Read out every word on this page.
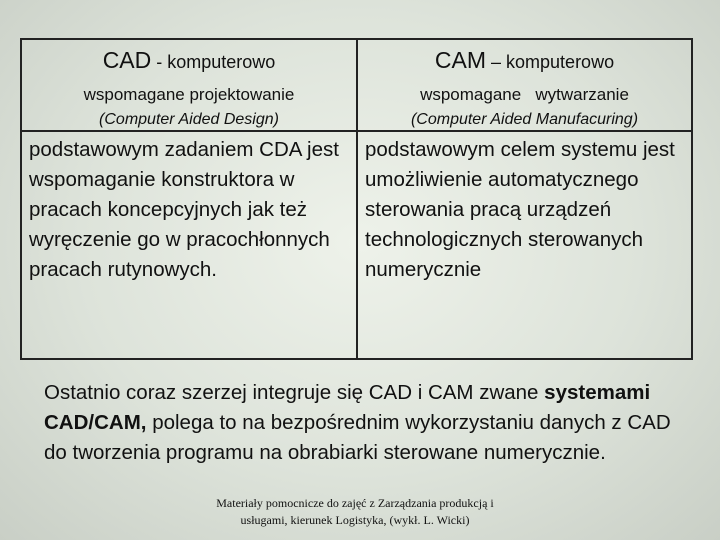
CAD - komputerowo
wspomagane projektowanie
(Computer Aided Design)
CAM – komputerowo
wspomagane   wytwarzanie
(Computer Aided Manufacuring)
podstawowym zadaniem CDA jest wspomaganie konstruktora w pracach koncepcyjnych jak też wyręczenie go w pracochłonnych pracach rutynowych.
podstawowym celem systemu jest umożliwienie automatycznego sterowania pracą urządzeń technologicznych sterowanych numerycznie
Ostatnio coraz szerzej integruje się CAD i CAM zwane systemami CAD/CAM, polega to na bezpośrednim wykorzystaniu danych z CAD do tworzenia programu na obrabiarki sterowane numerycznie.
Materiały pomocnicze do zajęć z Zarządzania produkcją i
usługami, kierunek Logistyka, (wykł. L. Wicki)
